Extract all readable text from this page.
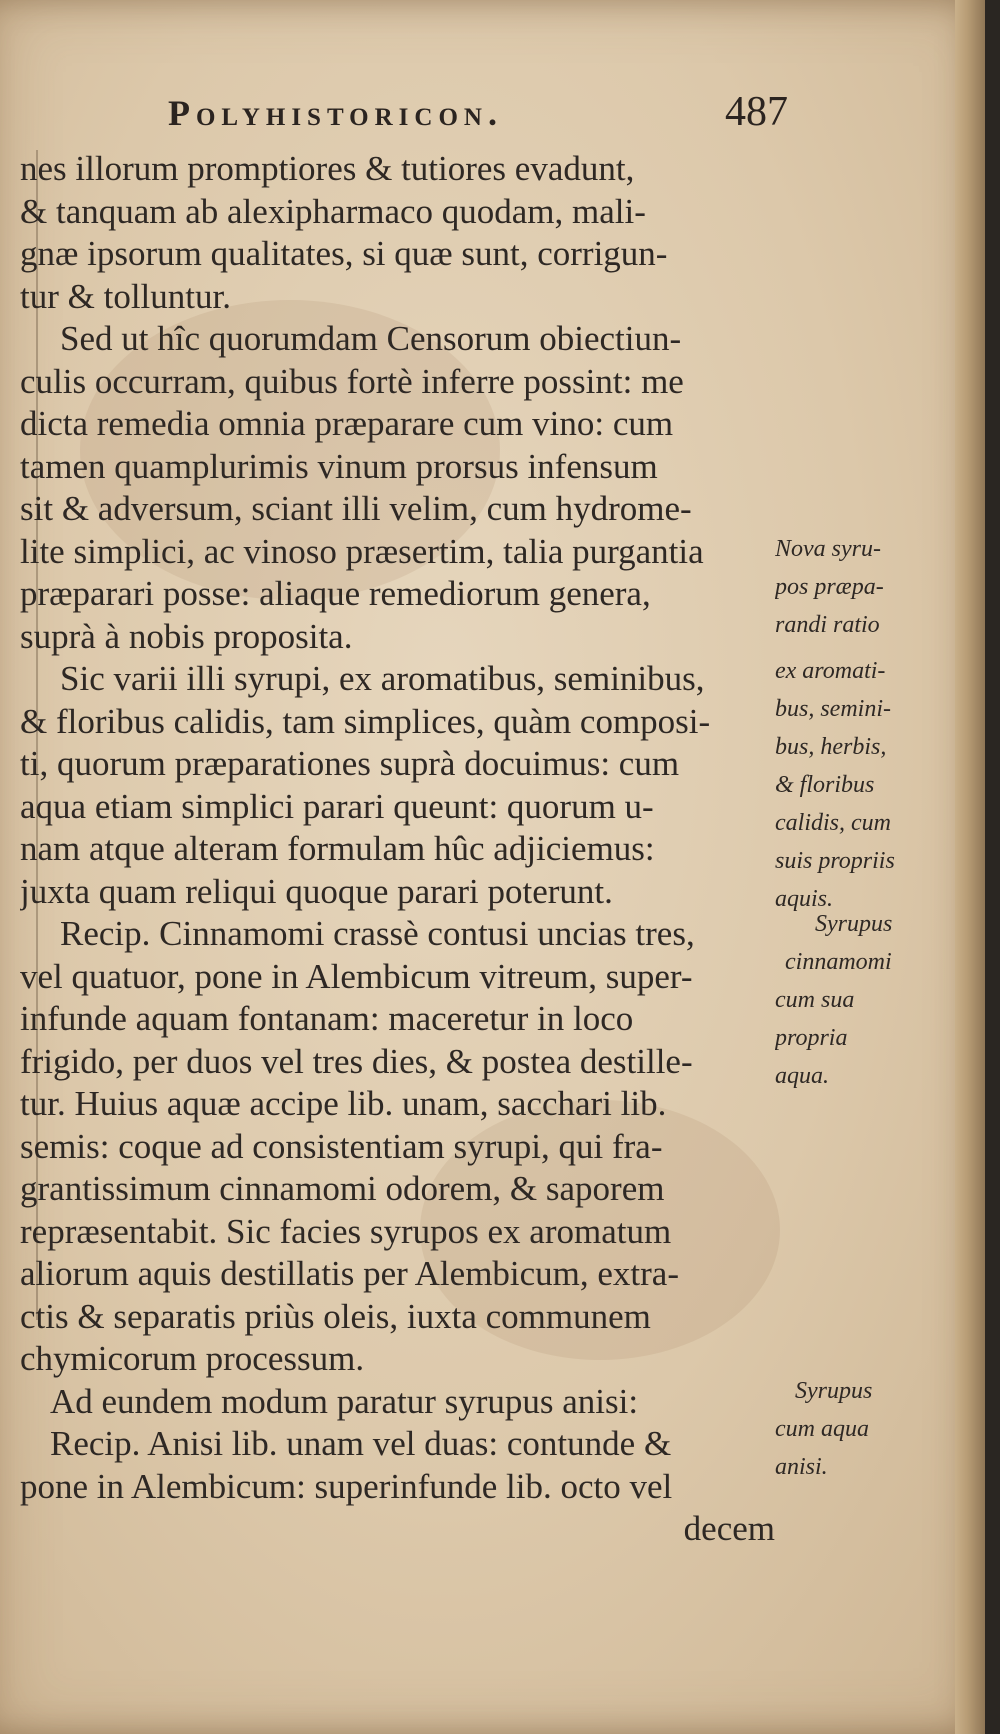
Polyhistoricon.	487
nes illorum promptiores & tutiores evadunt,
& tanquam ab alexipharmaco quodam, mali-
gnæ ipsorum qualitates, si quæ sunt, corrigun-
tur & tolluntur.
Sed ut hîc quorumdam Censorum obiectiun-
culis occurram, quibus fortè inferre possint: me
dicta remedia omnia præparare cum vino: cum
tamen quamplurimis vinum prorsus infensum
sit & adversum, sciant illi velim, cum hydrome-
lite simplici, ac vinoso præsertim, talia purgantia
præparari posse: aliaque remediorum genera,
suprà à nobis proposita.
Sic varii illi syrupi, ex aromatibus, seminibus,
& floribus calidis, tam simplices, quàm composi-
ti, quorum præparationes suprà docuimus: cum
aqua etiam simplici parari queunt: quorum u-
nam atque alteram formulam hûc adjiciemus:
juxta quam reliqui quoque parari poterunt.
Recip. Cinnamomi crassè contusi uncias tres,
vel quatuor, pone in Alembicum vitreum, super-
infunde aquam fontanam: maceretur in loco
frigido, per duos vel tres dies, & postea destille-
tur. Huius aquæ accipe lib. unam, sacchari lib.
semis: coque ad consistentiam syrupi, qui fra-
grantissimum cinnamomi odorem, & saporem
repræsentabit. Sic facies syrupos ex aromatum
aliorum aquis destillatis per Alembicum, extra-
ctis & separatis priùs oleis, iuxta communem
chymicorum processum.
Ad eundem modum paratur syrupus anisi:
Recip. Anisi lib. unam vel duas: contunde &
pone in Alembicum: superinfunde lib. octo vel
decem
Nova syru-
pos præpa-
randi ratio
ex aromati-
bus, semini-
bus, herbis,
& floribus
calidis, cum
suis propriis
aquis.
Syrupus
cinnamomi
cum sua
propria
aqua.
Syrupus
cum aqua
anisi.
